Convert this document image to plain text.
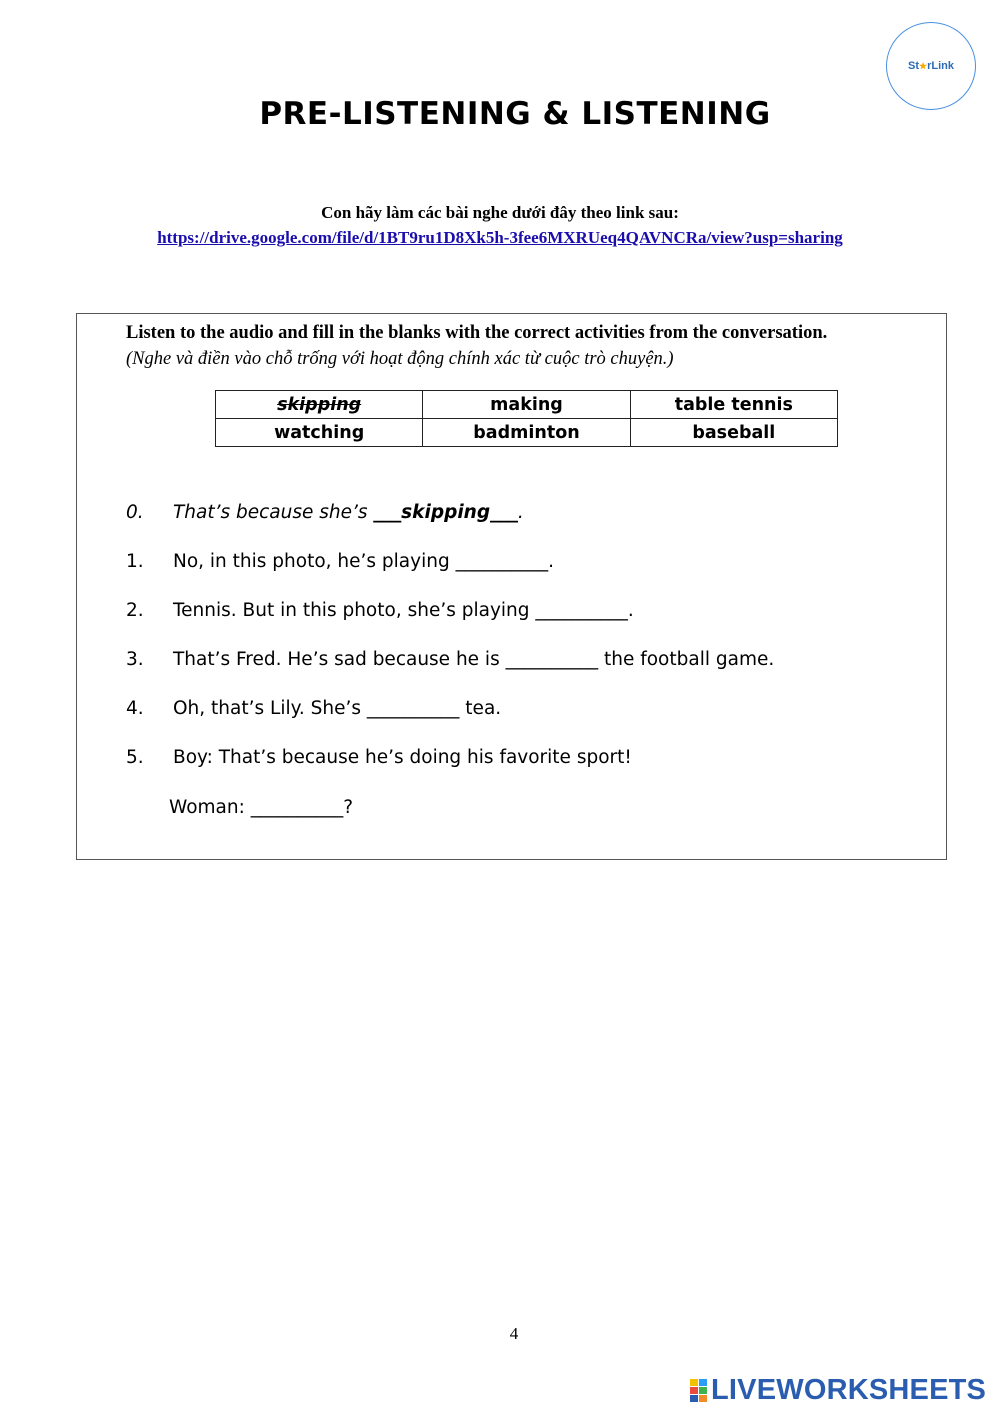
St ★ rLink
PRE-LISTENING & LISTENING
Con hãy làm các bài nghe dưới đây theo link sau:
https://drive.google.com/file/d/1BT9ru1D8Xk5h-3fee6MXRUeq4QAVNCRa/view?usp=sharing
Listen to the audio and fill in the blanks with the correct activities from the conversation.
(Nghe và điền vào chỗ trống với hoạt động chính xác từ cuộc trò chuyện.)
skipping	making	table tennis
watching	badminton	baseball
0. That’s because she’s ___skipping___.
1. No, in this photo, he’s playing __________.
2. Tennis. But in this photo, she’s playing __________.
3. That’s Fred. He’s sad because he is __________ the football game.
4. Oh, that’s Lily. She’s __________ tea.
5. Boy: That’s because he’s doing his favorite sport!
Woman: __________?
4
LIVEWORKSHEETS
